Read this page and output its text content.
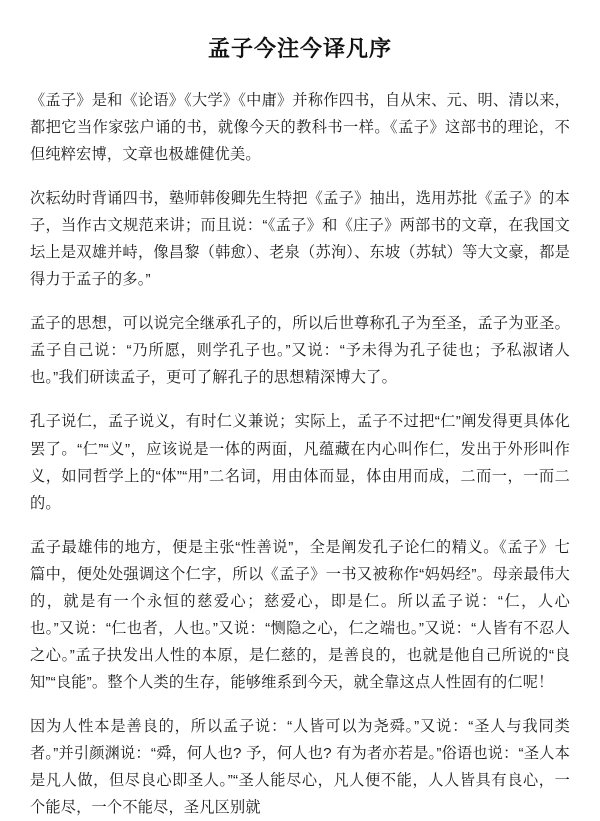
孟子今注今译凡序

《孟子》是和《论语》《大学》《中庸》并称作四书，自从宋、元、明、清以来，都把它当作家弦户诵的书，就像今天的教科书一样。《孟子》这部书的理论，不但纯粹宏博，文章也极雄健优美。

次耘幼时背诵四书，塾师韩俊卿先生特把《孟子》抽出，选用苏批《孟子》的本子，当作古文规范来讲；而且说：“《孟子》和《庄子》两部书的文章，在我国文坛上是双雄并峙，像昌黎（韩愈）、老泉（苏洵）、东坡（苏轼）等大文豪，都是得力于孟子的多。”

孟子的思想，可以说完全继承孔子的，所以后世尊称孔子为至圣，孟子为亚圣。孟子自己说：“乃所愿，则学孔子也。”又说：“予未得为孔子徒也；予私淑诸人也。”我们研读孟子，更可了解孔子的思想精深博大了。

孔子说仁，孟子说义，有时仁义兼说；实际上，孟子不过把“仁”阐发得更具体化罢了。“仁”“义”，应该说是一体的两面，凡蕴藏在内心叫作仁，发出于外形叫作义，如同哲学上的“体”“用”二名词，用由体而显，体由用而成，二而一，一而二的。

孟子最雄伟的地方，便是主张“性善说”，全是阐发孔子论仁的精义。《孟子》七篇中，便处处强调这个仁字，所以《孟子》一书又被称作“妈妈经”。母亲最伟大的，就是有一个永恒的慈爱心；慈爱心，即是仁。所以孟子说：“仁，人心也。”又说：“仁也者，人也。”又说：“恻隐之心，仁之端也。”又说：“人皆有不忍人之心。”孟子抉发出人性的本原，是仁慈的，是善良的，也就是他自己所说的“良知”“良能”。整个人类的生存，能够维系到今天，就全靠这点人性固有的仁呢！

因为人性本是善良的，所以孟子说：“人皆可以为尧舜。”又说：“圣人与我同类者。”并引颜渊说：“舜，何人也? 予，何人也? 有为者亦若是。”俗语也说：“圣人本是凡人做，但尽良心即圣人。”“圣人能尽心，凡人便不能，人人皆具有良心，一个能尽，一个不能尽，圣凡区别就
